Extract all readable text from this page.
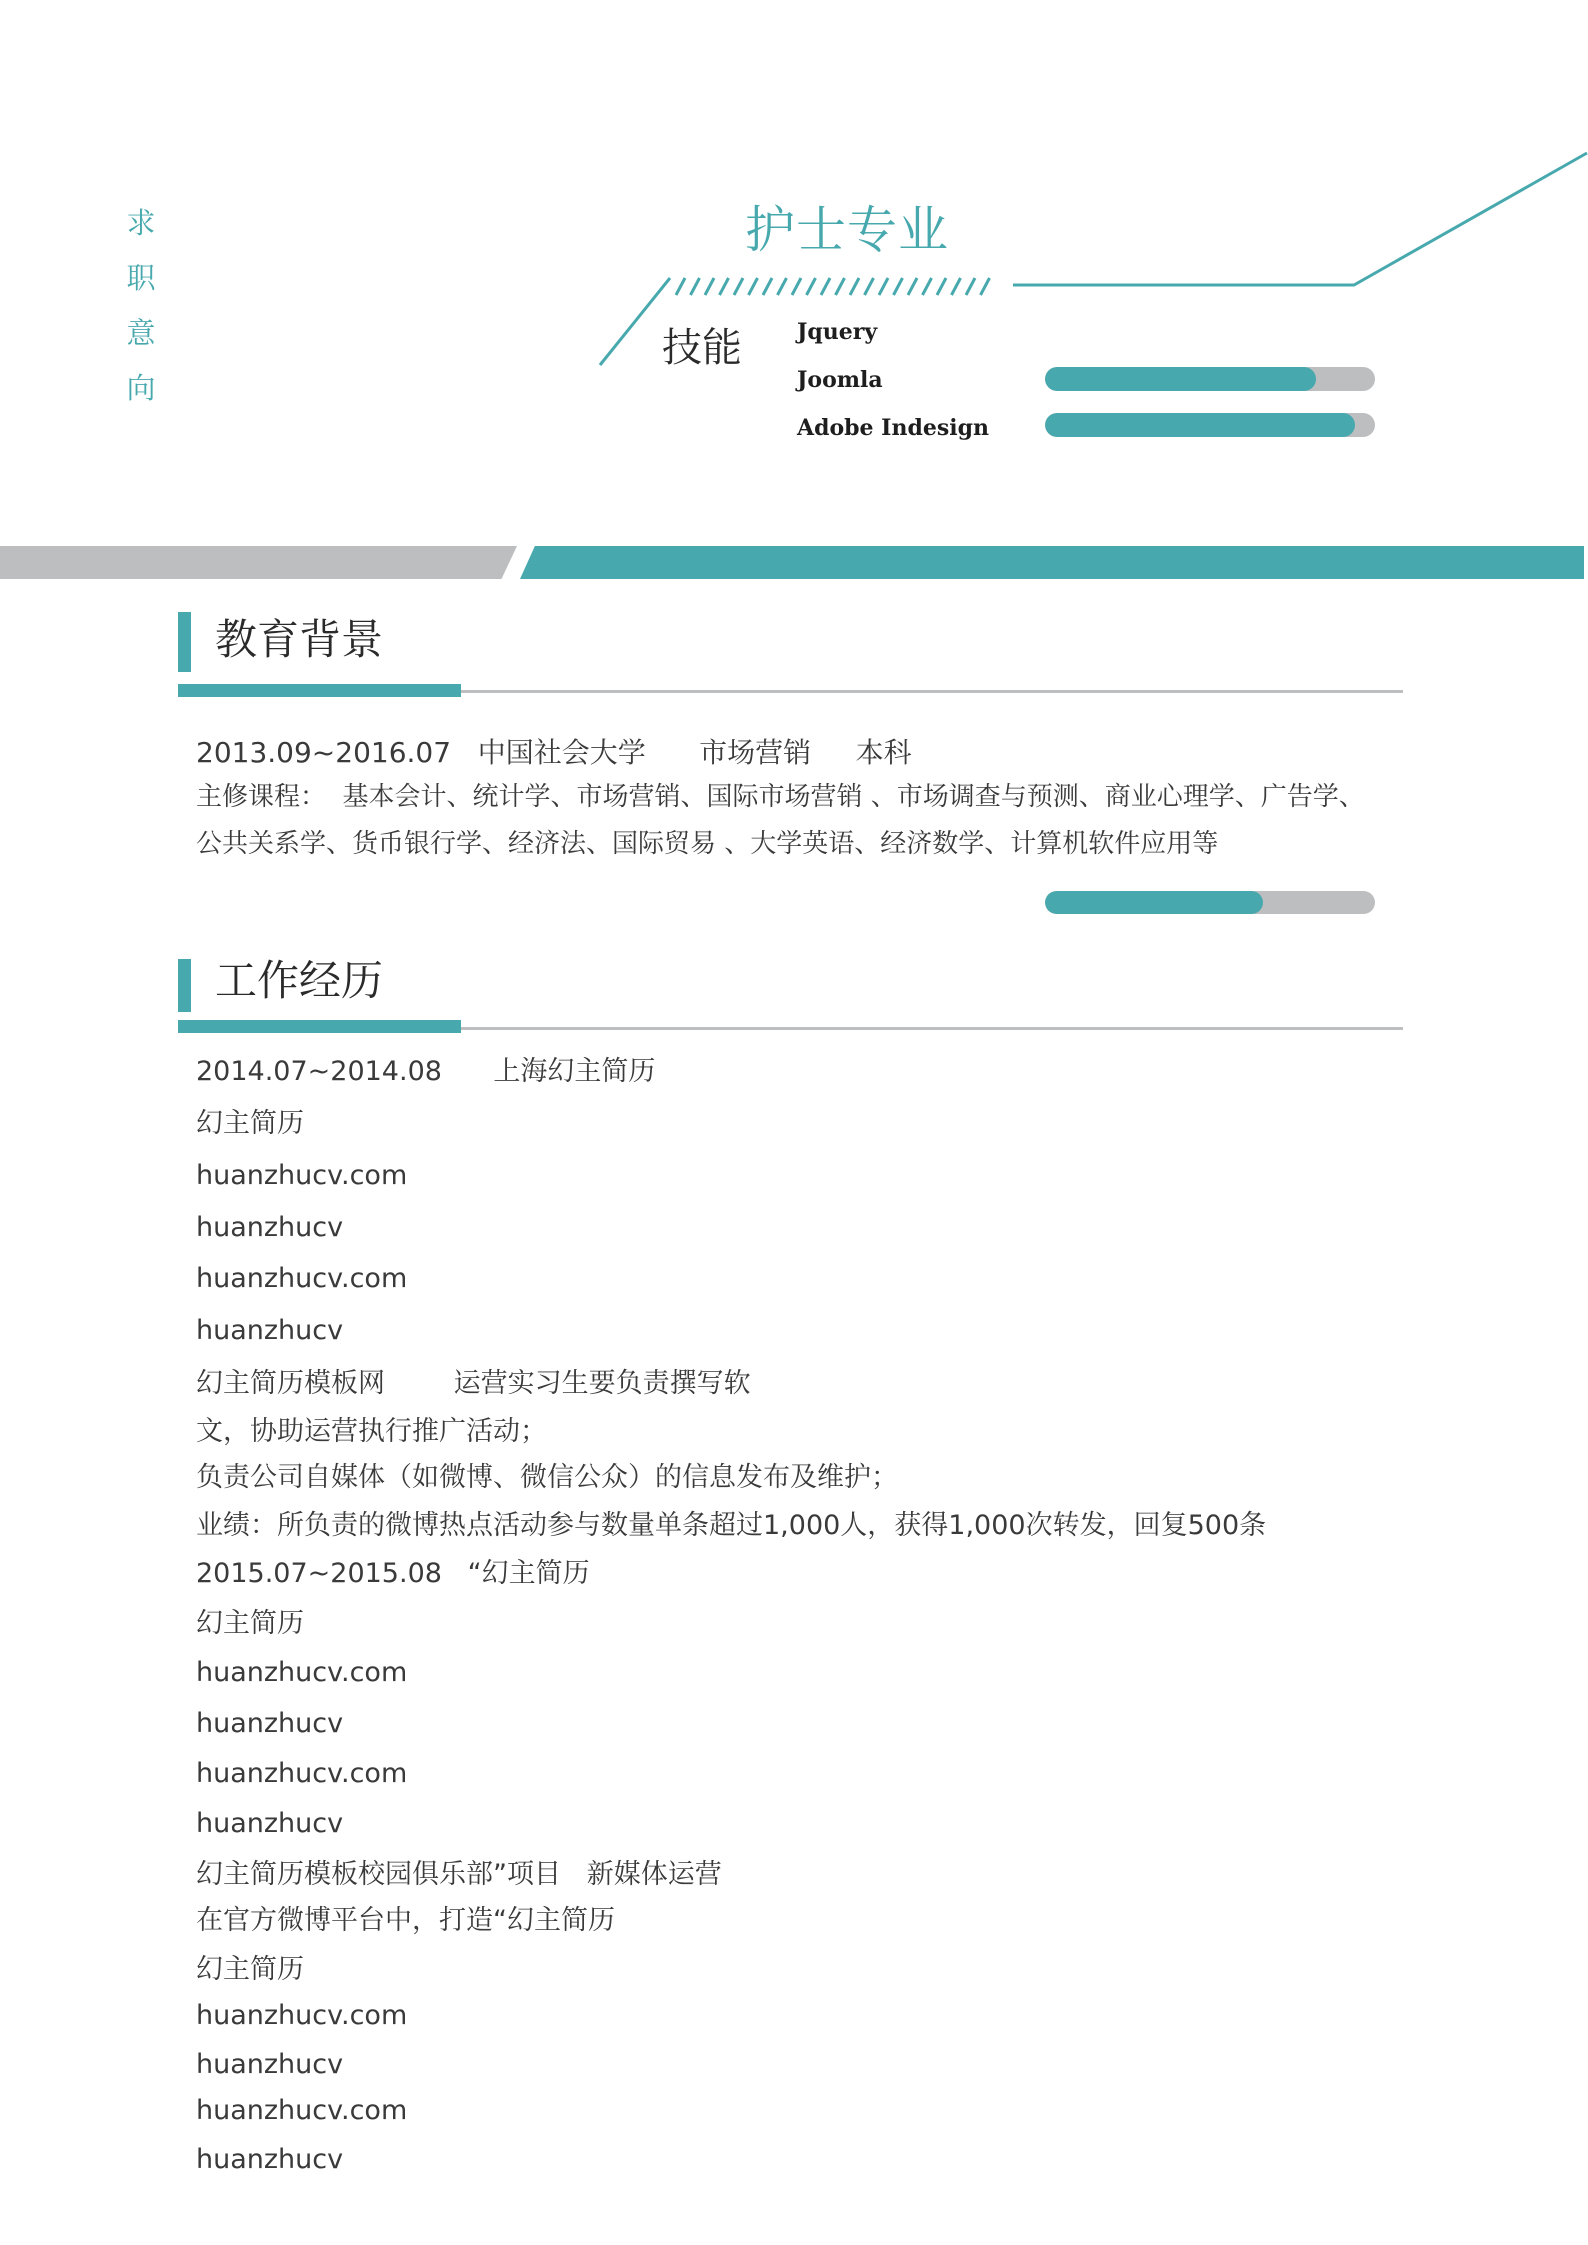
求
职
意
向
护士专业
技能	Jquery
Joomla
Adobe Indesign
教育背景
2013.09~2016.07   中国社会大学      市场营销     本科
主修课程：  基本会计、统计学、市场营销、国际市场营销 、市场调查与预测、商业心理学、广告学、
公共关系学、货币银行学、经济法、国际贸易 、大学英语、经济数学、计算机软件应用等
工作经历
2014.07~2014.08      上海幻主简历
幻主简历
huanzhucv.com
huanzhucv
huanzhucv.com
huanzhucv
幻主简历模板网        运营实习生要负责撰写软
文，协助运营执行推广活动；
负责公司自媒体（如微博、微信公众）的信息发布及维护；
业绩：所负责的微博热点活动参与数量单条超过1,000人，获得1,000次转发，回复500条
2015.07~2015.08   “幻主简历
幻主简历
huanzhucv.com
huanzhucv
huanzhucv.com
huanzhucv
幻主简历模板校园俱乐部”项目   新媒体运营
在官方微博平台中，打造“幻主简历
幻主简历
huanzhucv.com
huanzhucv
huanzhucv.com
huanzhucv
